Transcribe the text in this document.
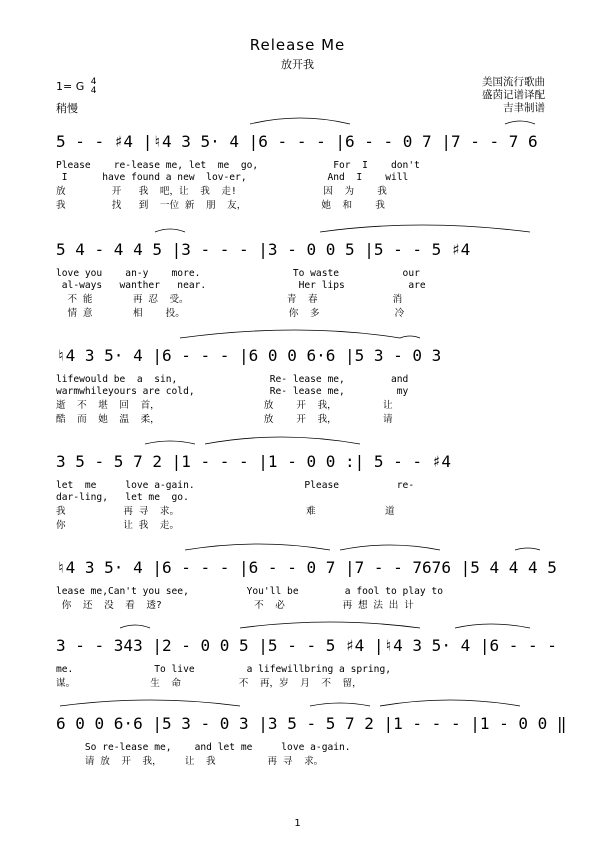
Release Me
放开我
1= G 4
4
稍慢
美国流行歌曲
盛茵记谱译配
吉聿制谱
5 - - ♯4 |♮4 3 5· 4 |6 - - - |6 - - 0 7 |7 - - 7 6
Please    re-lease me, let  me  go,             For  I    don't
I      have found a new  lov-er,              And  I    will
放        开   我  吧，让  我  走!               因  为    我
我        找   到  一位 新  朋  友，             她  和    我
5 4 - 4 4 5 |3 - - - |3 - 0 0 5 |5 - - 5 ♯4
love you    an-y    more.                To waste           our
al-ways   wanther   near.                Her lips           are
不 能       再 忍  受。                 青  春             消
情 意       相    投。                  你  多             冷
♮4 3 5· 4 |6 - - - |6 0 0 6·6 |5 3 - 0 3
lifewould be  a  sin,                Re- lease me,        and
warmwhileyours are cold,             Re- lease me,         my
逝  不  堪  回  首，                  放    开  我，        让
酷  而  她  温  柔，                  放    开  我，        请
3 5 - 5 7 2 |1 - - - |1 - 0 0 :| 5 - - ♯4
let  me     love a-gain.                   Please          re-
dar-ling,   let me  go.
我          再 寻  求。                      难            道
你          让 我  走。
♮4 3 5· 4 |6 - - - |6 - - 0 7 |7 - - 7676 |5 4 4 4 5
lease me,Can't you see,          You'll be        a fool to play to
你  还  没  看  透?                不  必          再 想 法 出 计
3 - - 343 |2 - 0 0 5 |5 - - 5 ♯4 |♮4 3 5· 4 |6 - - -
me.              To live         a lifewillbring a spring,
谋。             生  命          不  再，岁  月  不  留，
6 0 0 6·6 |5 3 - 0 3 |3 5 - 5 7 2 |1 - - - |1 - 0 0 ‖
So re-lease me,    and let me     love a-gain.
请 放  开  我，    让  我         再 寻  求。
1
